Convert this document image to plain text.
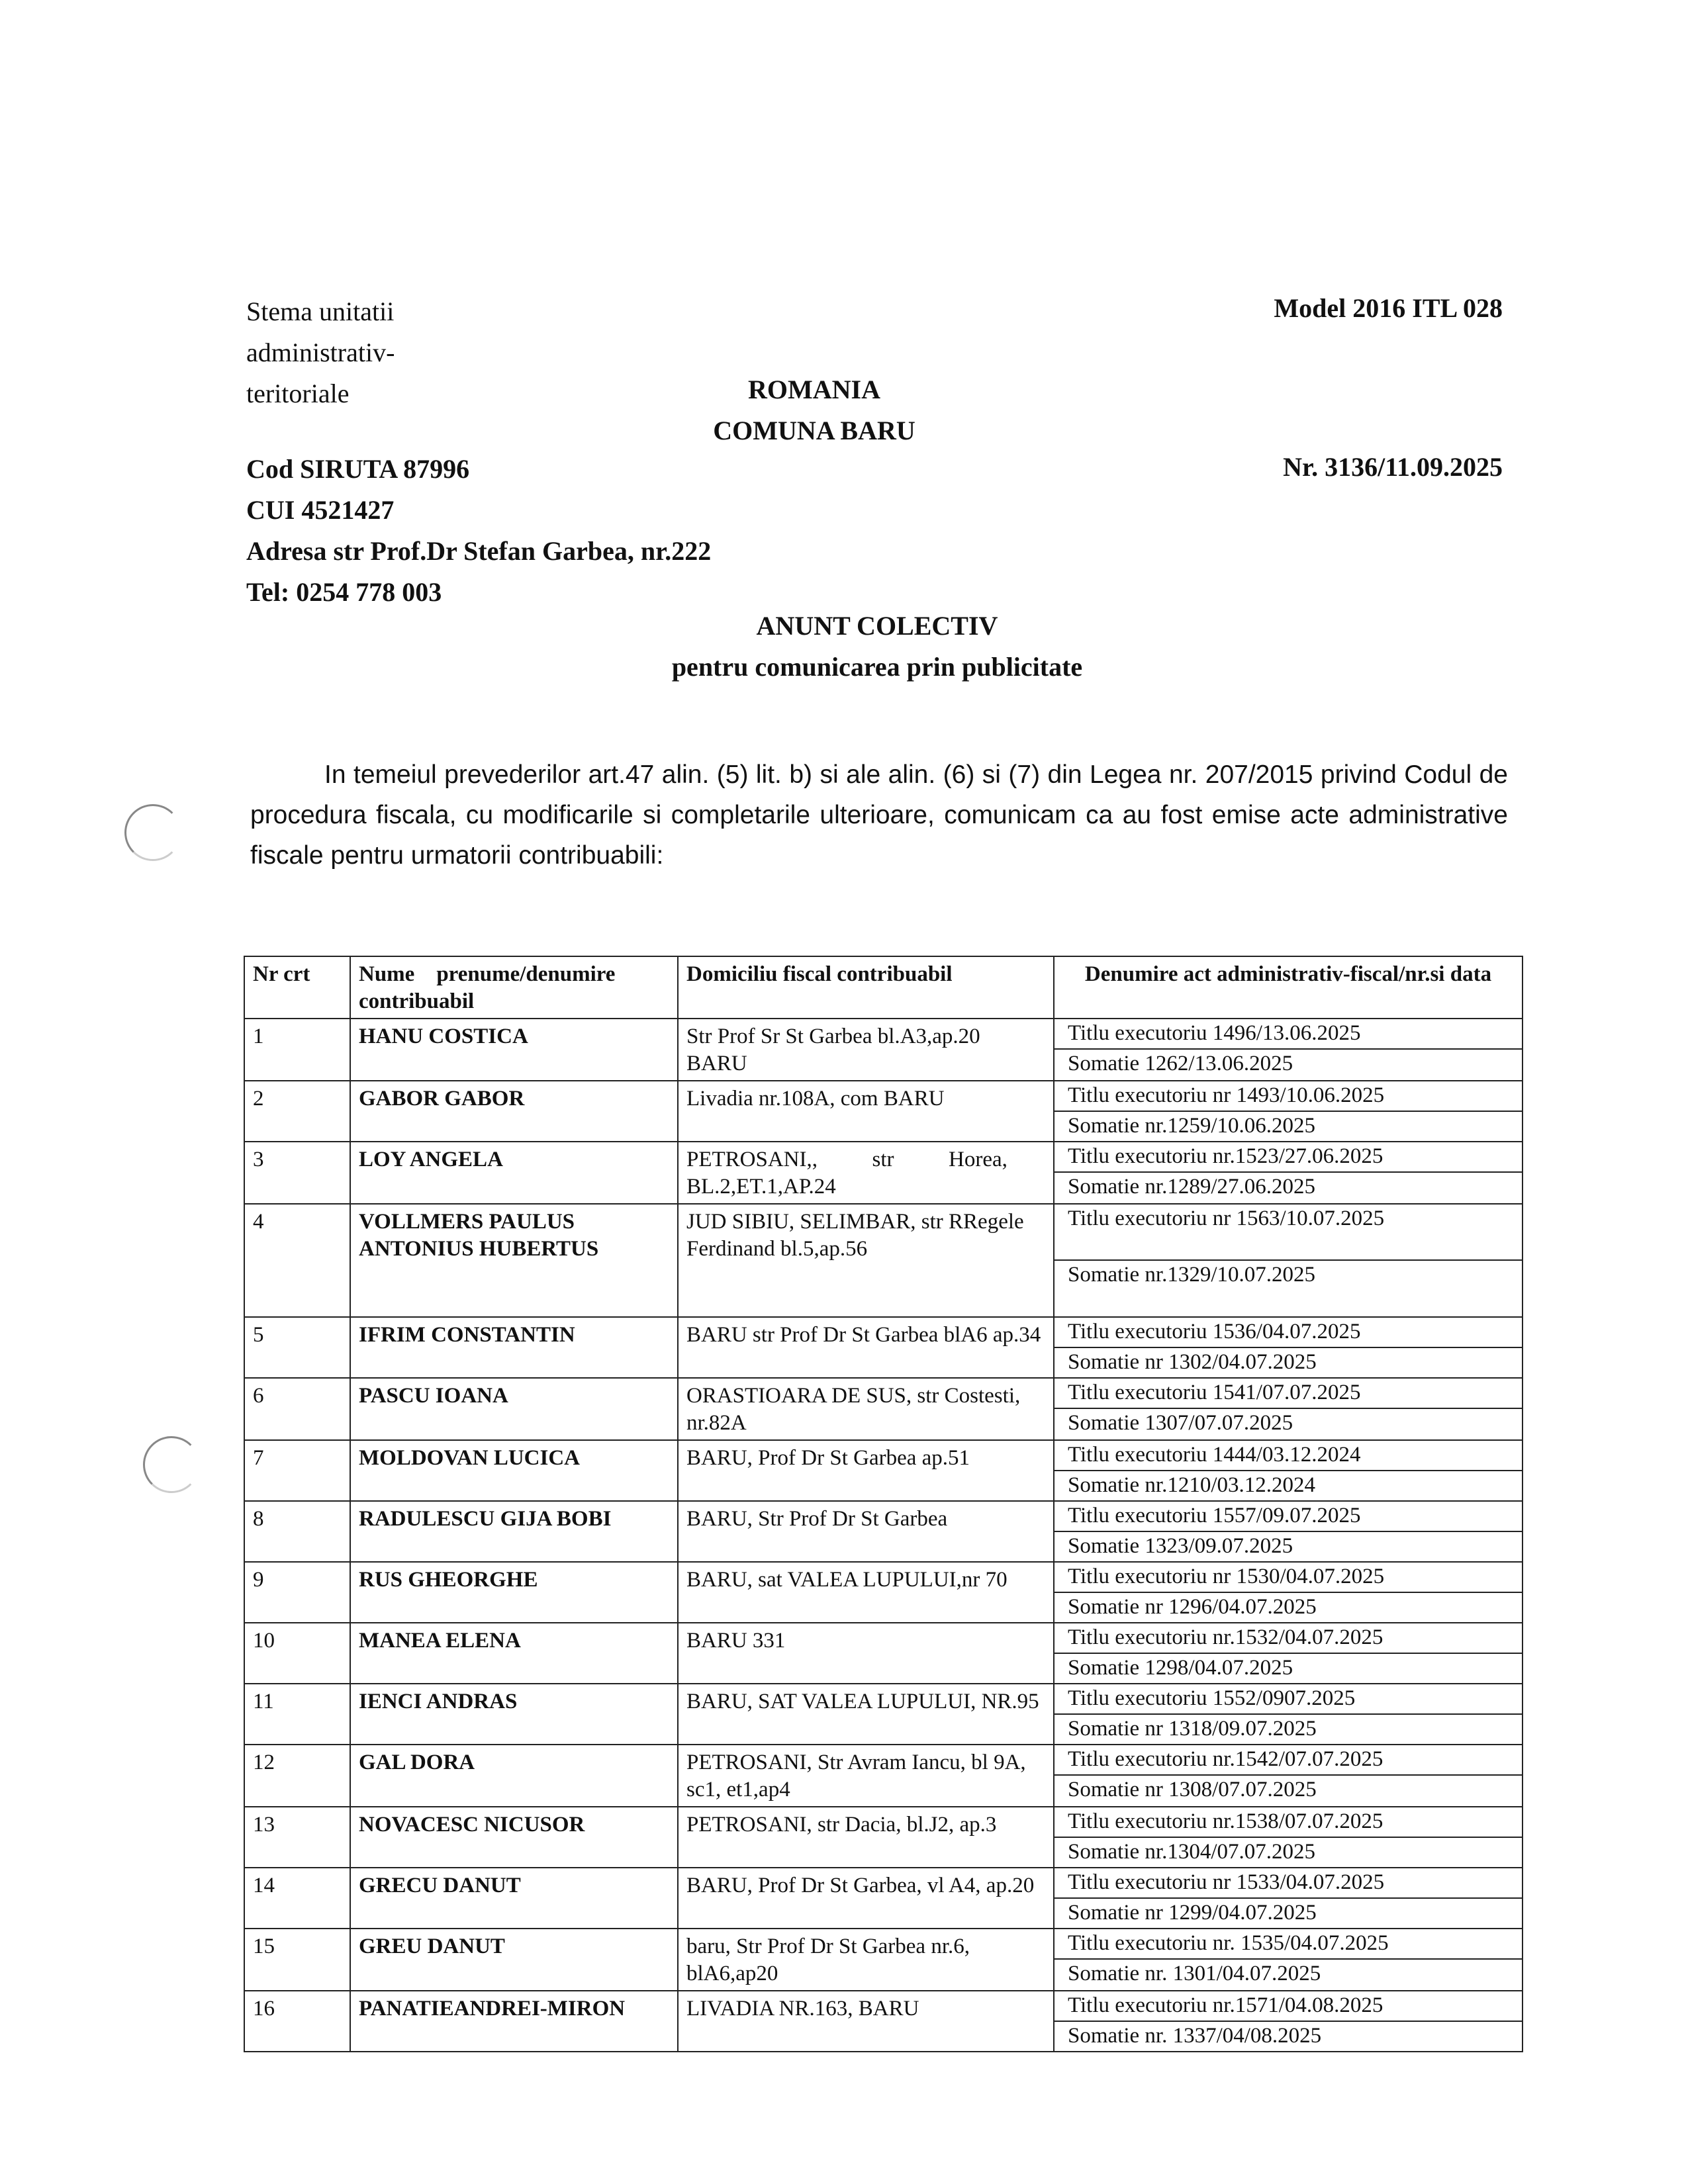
Stema unitatii
administrativ-
teritoriale
Model 2016 ITL 028
ROMANIA
COMUNA BARU
Nr. 3136/11.09.2025
Cod SIRUTA 87996
CUI 4521427
Adresa str Prof.Dr Stefan Garbea, nr.222
Tel: 0254 778 003
ANUNT COLECTIV
pentru comunicarea prin publicitate
In temeiul prevederilor art.47 alin. (5) lit. b) si ale alin. (6) si (7) din Legea nr. 207/2015 privind Codul de procedura fiscala, cu modificarile si completarile ulterioare, comunicam ca au fost emise acte administrative fiscale pentru urmatorii contribuabili:
Nr crt	Nume    prenume/denumire contribuabil	Domiciliu fiscal contribuabil	Denumire act administrativ-fiscal/nr.si data
1	HANU COSTICA	Str Prof Sr St Garbea bl.A3,ap.20 BARU	Titlu executoriu 1496/13.06.2025
Somatie 1262/13.06.2025

2	GABOR GABOR	Livadia nr.108A, com BARU	Titlu executoriu nr 1493/10.06.2025
Somatie nr.1259/10.06.2025

3	LOY ANGELA	PETROSANI,,          str          Horea, BL.2,ET.1,AP.24	Titlu executoriu nr.1523/27.06.2025
Somatie nr.1289/27.06.2025

4	VOLLMERS PAULUS ANTONIUS HUBERTUS	JUD SIBIU, SELIMBAR, str RRegele Ferdinand bl.5,ap.56	Titlu executoriu nr 1563/10.07.2025
Somatie nr.1329/10.07.2025

5	IFRIM CONSTANTIN	BARU str Prof Dr St Garbea blA6 ap.34	Titlu executoriu 1536/04.07.2025
Somatie nr 1302/04.07.2025

6	PASCU IOANA	ORASTIOARA DE SUS, str Costesti, nr.82A	Titlu executoriu 1541/07.07.2025
Somatie 1307/07.07.2025

7	MOLDOVAN LUCICA	BARU, Prof Dr St Garbea ap.51	Titlu executoriu 1444/03.12.2024
Somatie nr.1210/03.12.2024

8	RADULESCU GIJA BOBI	BARU, Str Prof Dr St Garbea	Titlu executoriu 1557/09.07.2025
Somatie 1323/09.07.2025

9	RUS GHEORGHE	BARU, sat VALEA LUPULUI,nr 70	Titlu executoriu nr 1530/04.07.2025
Somatie nr 1296/04.07.2025

10	MANEA ELENA	BARU 331	Titlu executoriu nr.1532/04.07.2025
Somatie 1298/04.07.2025

11	IENCI ANDRAS	BARU, SAT VALEA LUPULUI, NR.95	Titlu executoriu 1552/0907.2025
Somatie nr 1318/09.07.2025

12	GAL DORA	PETROSANI, Str Avram Iancu, bl 9A, sc1, et1,ap4	Titlu executoriu nr.1542/07.07.2025
Somatie nr 1308/07.07.2025

13	NOVACESC NICUSOR	PETROSANI, str Dacia, bl.J2, ap.3	Titlu executoriu nr.1538/07.07.2025
Somatie nr.1304/07.07.2025

14	GRECU DANUT	BARU, Prof Dr St Garbea, vl A4, ap.20	Titlu executoriu nr 1533/04.07.2025
Somatie nr 1299/04.07.2025

15	GREU DANUT	baru, Str Prof Dr St Garbea nr.6, blA6,ap20	Titlu executoriu nr. 1535/04.07.2025
Somatie nr. 1301/04.07.2025

16	PANATIEANDREI-MIRON	LIVADIA NR.163, BARU	Titlu executoriu nr.1571/04.08.2025
Somatie nr. 1337/04/08.2025
